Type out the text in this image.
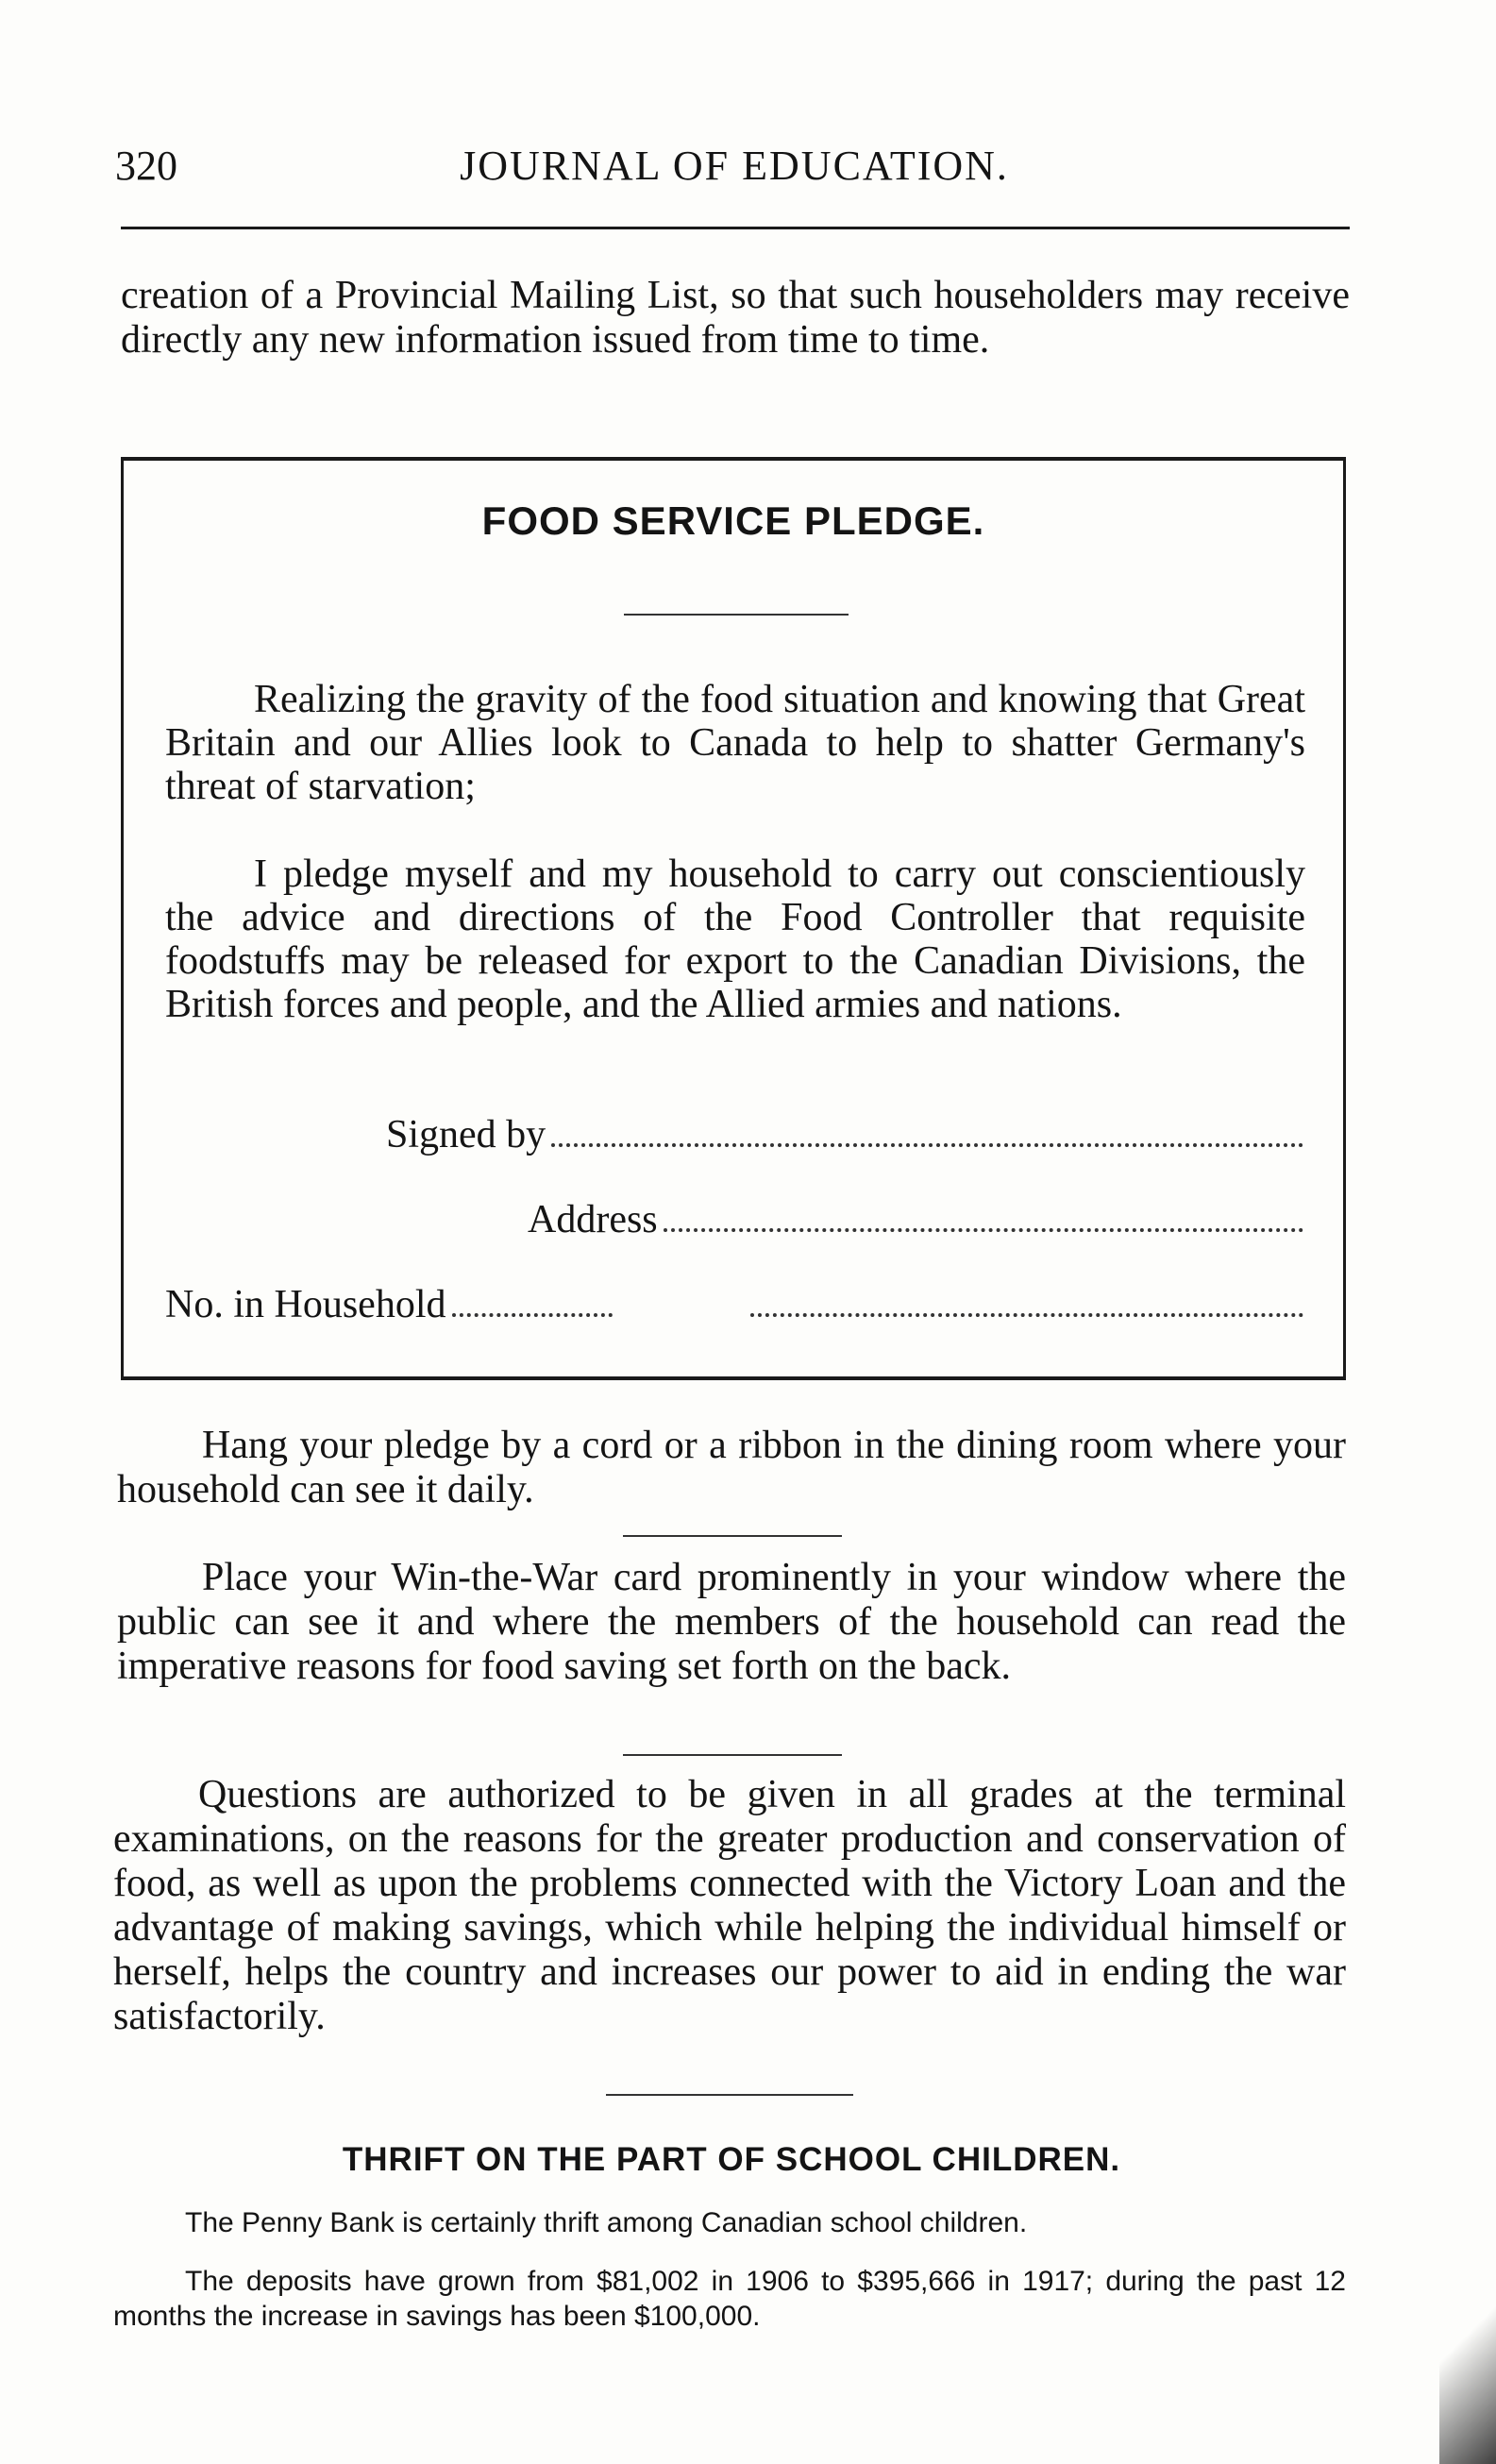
320	JOURNAL OF EDUCATION.

creation of a Provincial Mailing List, so that such householders may receive directly any new information issued from time to time.

FOOD SERVICE PLEDGE.

Realizing the gravity of the food situation and knowing that Great Britain and our Allies look to Canada to help to shatter Germany's threat of starvation;

I pledge myself and my household to carry out conscientiously the advice and directions of the Food Controller that requisite foodstuffs may be released for export to the Canadian Divisions, the British forces and people, and the Allied armies and nations.

Signed by
Address
No. in Household

Hang your pledge by a cord or a ribbon in the dining room where your household can see it daily.

Place your Win-the-War card prominently in your window where the public can see it and where the members of the household can read the imperative reasons for food saving set forth on the back.

Questions are authorized to be given in all grades at the terminal examinations, on the reasons for the greater production and conservation of food, as well as upon the problems connected with the Victory Loan and the advantage of making savings, which while helping the individual himself or herself, helps the country and increases our power to aid in ending the war satisfactorily.

THRIFT ON THE PART OF SCHOOL CHILDREN.

The Penny Bank is certainly thrift among Canadian school children.

The deposits have grown from $81,002 in 1906 to $395,666 in 1917; during the past 12 months the increase in savings has been $100,000.
